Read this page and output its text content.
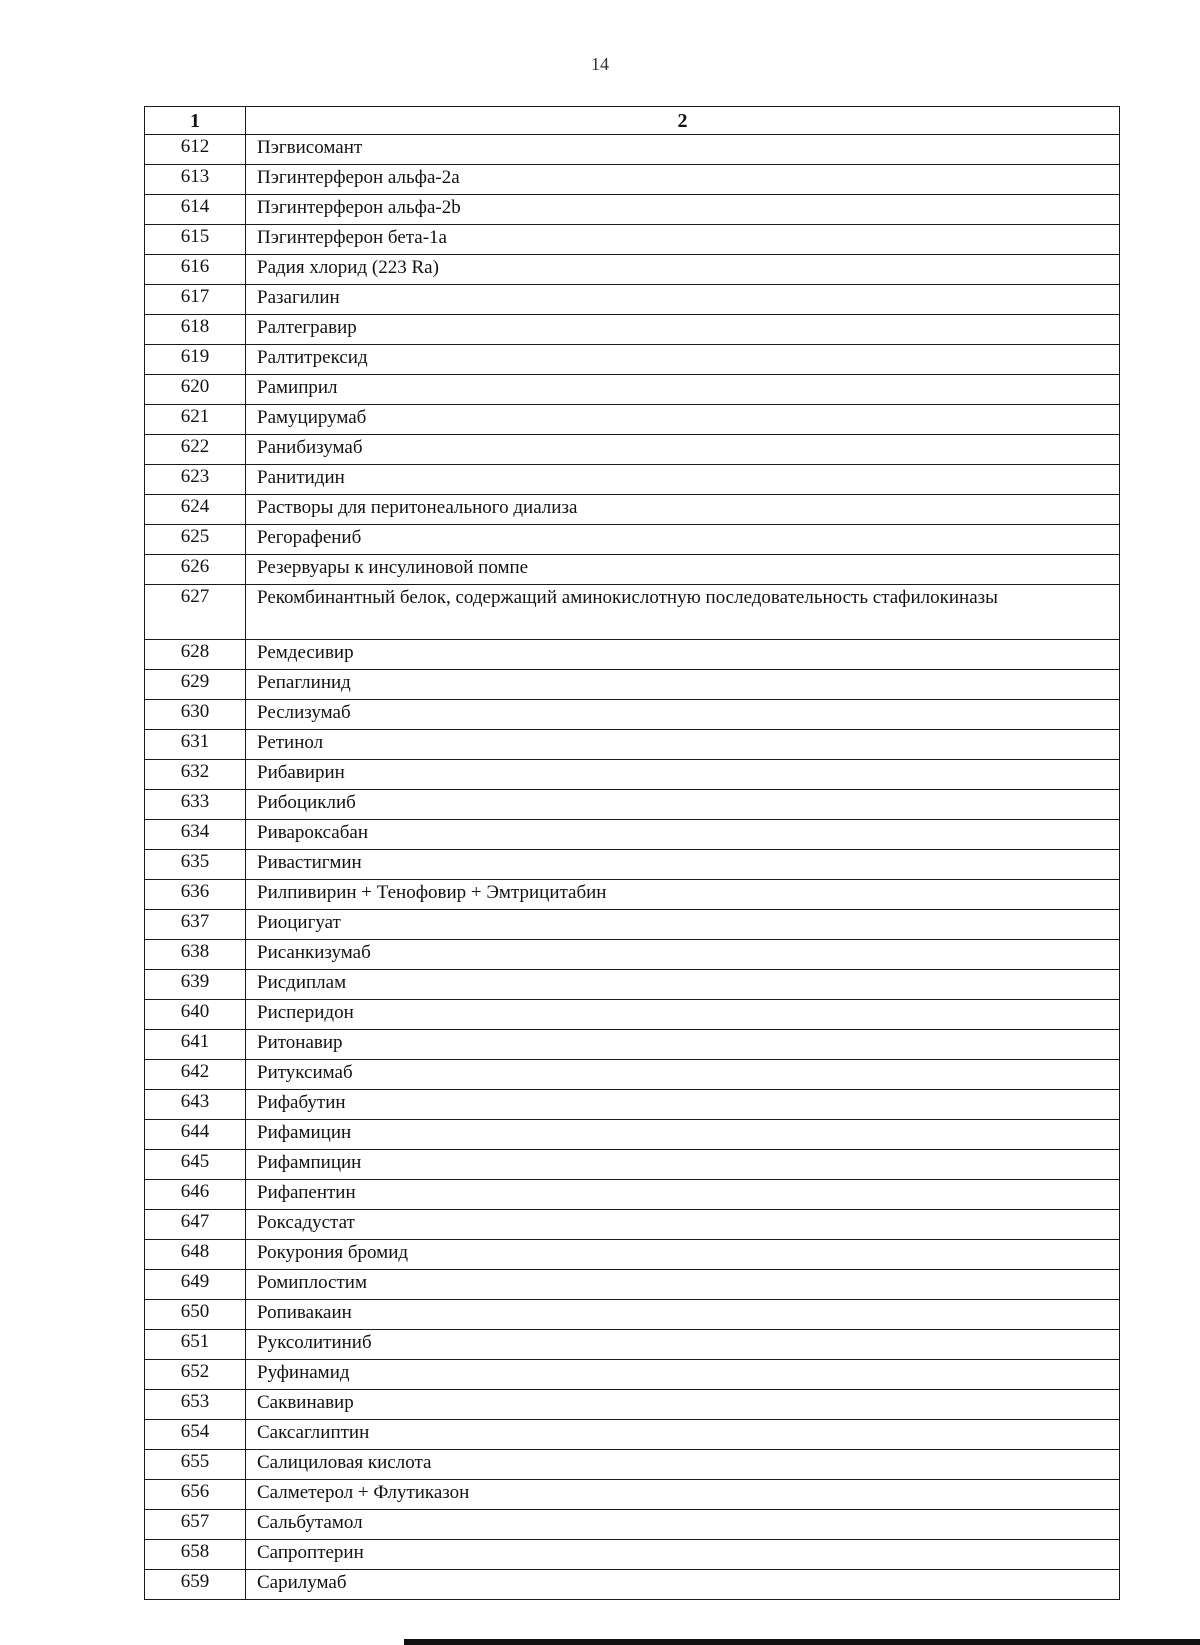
14
1	2
612	Пэгвисомант
613	Пэгинтерферон альфа-2a
614	Пэгинтерферон альфа-2b
615	Пэгинтерферон бета-1a
616	Радия хлорид (223 Ra)
617	Разагилин
618	Ралтегравир
619	Ралтитрексид
620	Рамиприл
621	Рамуцирумаб
622	Ранибизумаб
623	Ранитидин
624	Растворы для перитонеального диализа
625	Регорафениб
626	Резервуары к инсулиновой помпе
627	Рекомбинантный белок, содержащий аминокислотную последовательность стафилокиназы
628	Ремдесивир
629	Репаглинид
630	Реслизумаб
631	Ретинол
632	Рибавирин
633	Рибоциклиб
634	Ривароксабан
635	Ривастигмин
636	Рилпивирин + Тенофовир + Эмтрицитабин
637	Риоцигуат
638	Рисанкизумаб
639	Рисдиплам
640	Рисперидон
641	Ритонавир
642	Ритуксимаб
643	Рифабутин
644	Рифамицин
645	Рифампицин
646	Рифапентин
647	Роксадустат
648	Рокурония бромид
649	Ромиплостим
650	Ропивакаин
651	Руксолитиниб
652	Руфинамид
653	Саквинавир
654	Саксаглиптин
655	Салициловая кислота
656	Салметерол + Флутиказон
657	Сальбутамол
658	Сапроптерин
659	Сарилумаб
